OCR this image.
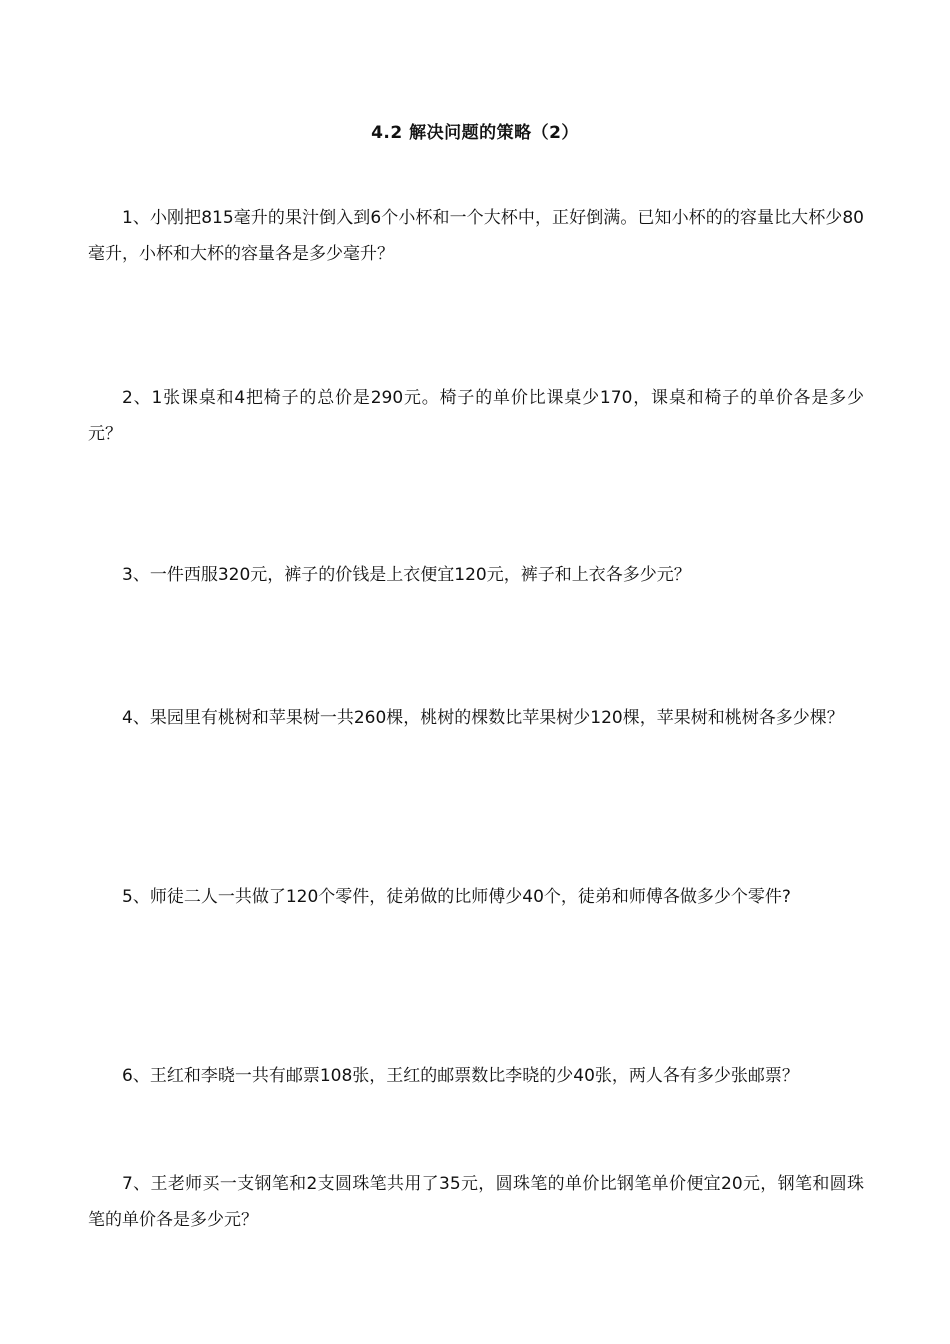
4.2 解决问题的策略（2）

1、小刚把815毫升的果汁倒入到6个小杯和一个大杯中，正好倒满。已知小杯的的容量比大杯少80毫升，小杯和大杯的容量各是多少毫升？

2、1张课桌和4把椅子的总价是290元。椅子的单价比课桌少170，课桌和椅子的单价各是多少元？

3、一件西服320元，裤子的价钱是上衣便宜120元，裤子和上衣各多少元？

4、果园里有桃树和苹果树一共260棵，桃树的棵数比苹果树少120棵，苹果树和桃树各多少棵？

5、师徒二人一共做了120个零件，徒弟做的比师傅少40个，徒弟和师傅各做多少个零件?

6、王红和李晓一共有邮票108张，王红的邮票数比李晓的少40张，两人各有多少张邮票？

7、王老师买一支钢笔和2支圆珠笔共用了35元，圆珠笔的单价比钢笔单价便宜20元，钢笔和圆珠笔的单价各是多少元？
